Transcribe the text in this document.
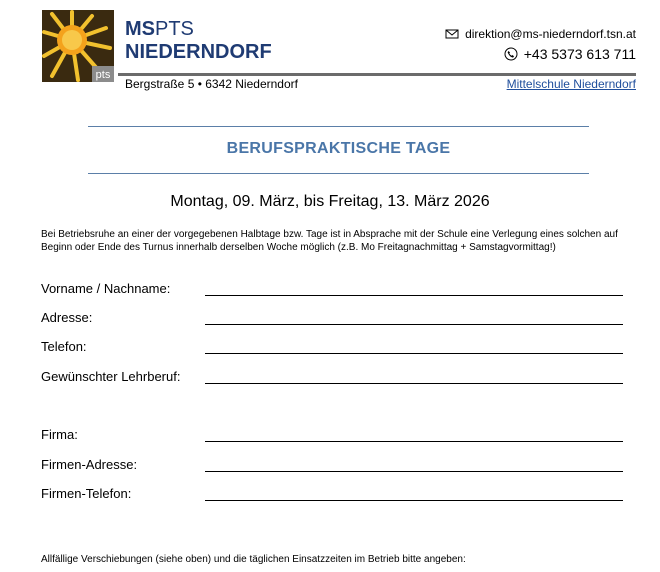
pts
MSPTS
NIEDERNDORF
direktion@ms-niederndorf.tsn.at
+43 5373 613 711
Bergstraße 5 • 6342 Niederndorf	Mittelschule Niederndorf
BERUFSPRAKTISCHE TAGE
Montag, 09. März, bis Freitag, 13. März 2026
Bei Betriebsruhe an einer der vorgegebenen Halbtage bzw. Tage ist in Absprache mit der Schule eine Verlegung eines solchen auf Beginn oder Ende des Turnus innerhalb derselben Woche möglich (z.B. Mo Freitagnachmittag + Samstagvormittag!)
Vorname / Nachname:
Adresse:
Telefon:
Gewünschter Lehrberuf:
Firma:
Firmen-Adresse:
Firmen-Telefon:
Allfällige Verschiebungen (siehe oben) und die täglichen Einsatzzeiten im Betrieb bitte angeben:
